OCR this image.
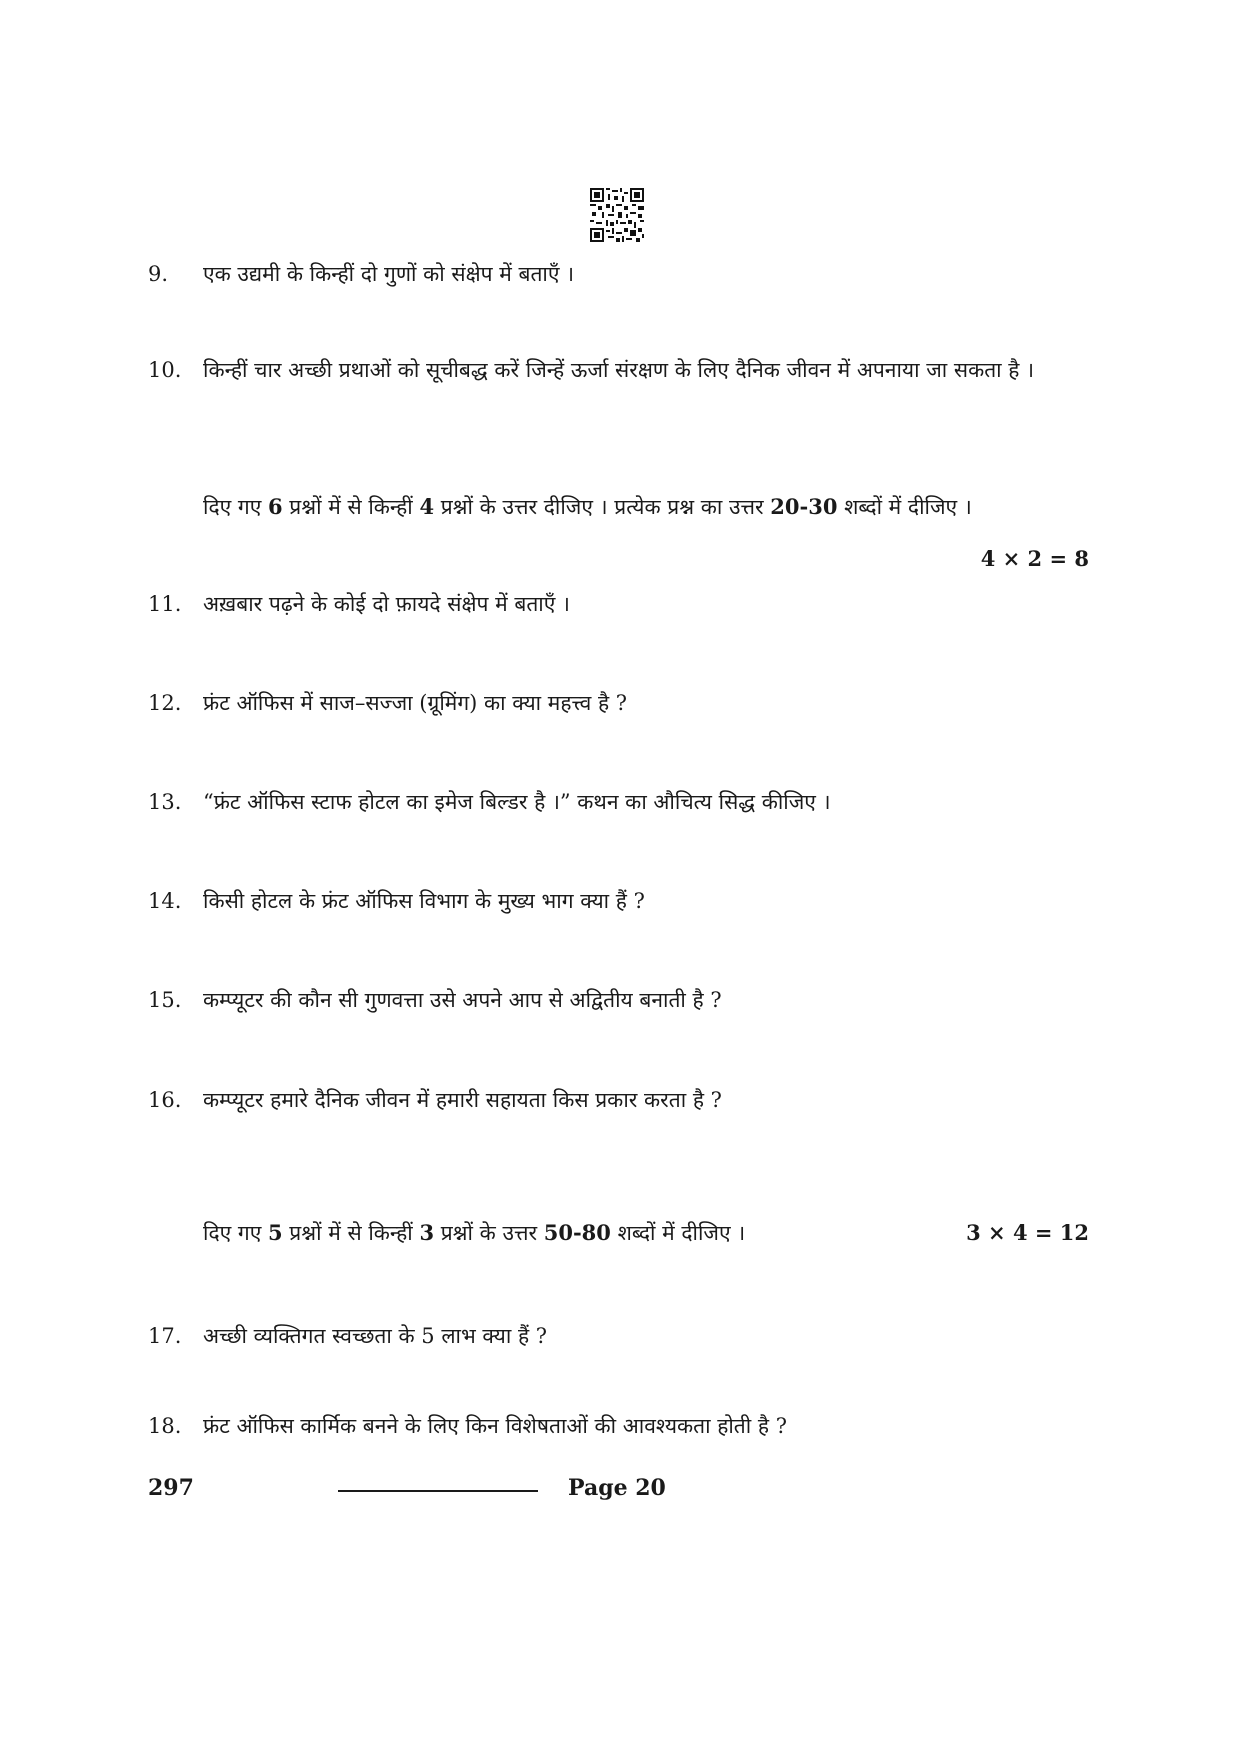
9.	एक उद्यमी के किन्हीं दो गुणों को संक्षेप में बताएँ ।
10.	किन्हीं चार अच्छी प्रथाओं को सूचीबद्ध करें जिन्हें ऊर्जा संरक्षण के लिए दैनिक जीवन में अपनाया जा सकता है ।
दिए गए 6 प्रश्नों में से किन्हीं 4 प्रश्नों के उत्तर दीजिए । प्रत्येक प्रश्न का उत्तर 20-30 शब्दों में दीजिए ।
4 × 2 = 8
11.	अख़बार पढ़ने के कोई दो फ़ायदे संक्षेप में बताएँ ।
12.	फ्रंट ऑफिस में साज–सज्जा (ग्रूमिंग) का क्या महत्त्व है ?
13.	“फ्रंट ऑफिस स्टाफ होटल का इमेज बिल्डर है ।” कथन का औचित्य सिद्ध कीजिए ।
14.	किसी होटल के फ्रंट ऑफिस विभाग के मुख्य भाग क्या हैं ?
15.	कम्प्यूटर की कौन सी गुणवत्ता उसे अपने आप से अद्वितीय बनाती है ?
16.	कम्प्यूटर हमारे दैनिक जीवन में हमारी सहायता किस प्रकार करता है ?
दिए गए 5 प्रश्नों में से किन्हीं 3 प्रश्नों के उत्तर 50-80 शब्दों में दीजिए ।	3 × 4 = 12
17.	अच्छी व्यक्तिगत स्वच्छता के 5 लाभ क्या हैं ?
18.	फ्रंट ऑफिस कार्मिक बनने के लिए किन विशेषताओं की आवश्यकता होती है ?
297	Page 20
